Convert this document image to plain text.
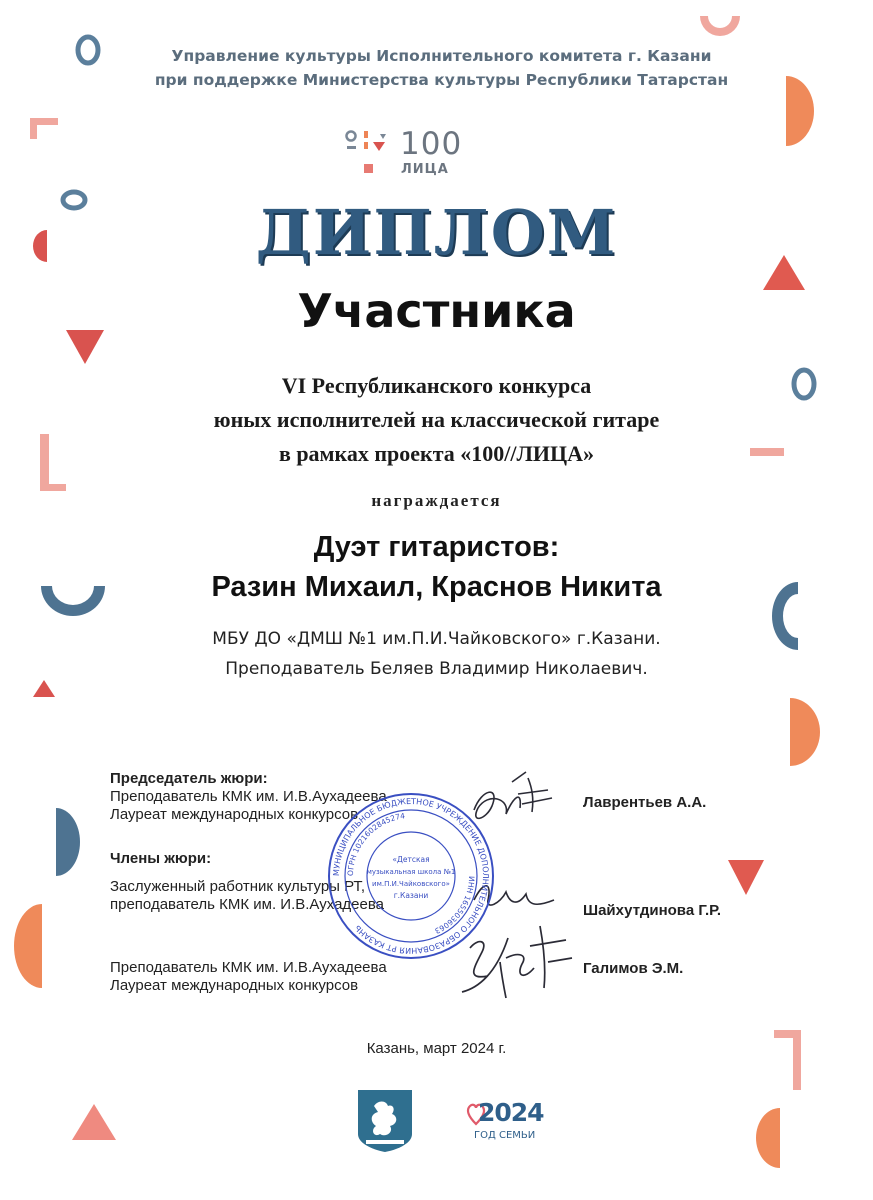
Управление культуры Исполнительного комитета г. Казани
при поддержке Министерства культуры Республики Татарстан
100
ЛИЦА
ДИПЛОМ
Участника
VI Республиканского конкурса
юных исполнителей на классической гитаре
в рамках проекта «100//ЛИЦА»
награждается
Дуэт гитаристов:
Разин Михаил, Краснов Никита
МБУ ДО «ДМШ №1 им.П.И.Чайковского» г.Казани.
Преподаватель Беляев Владимир Николаевич.
Председатель жюри:
Преподаватель КМК им. И.В.Аухадеева
Лауреат международных конкурсов
Лаврентьев А.А.
Члены жюри:
Заслуженный работник культуры РТ,
преподаватель КМК им. И.В.Аухадеева	Шайхутдинова Г.Р.
Преподаватель КМК им. И.В.Аухадеева
Лауреат международных конкурсов
Галимов Э.М.
МУНИЦИПАЛЬНОЕ БЮДЖЕТНОЕ УЧРЕЖДЕНИЕ ДОПОЛНИТЕЛЬНОГО ОБРАЗОВАНИЯ РТ КАЗАНЬ
ОГРН 1021602845274
ИНН 1655036063
«Детская
музыкальная школа №1
им.П.И.Чайковского»
г.Казани
Казань, март 2024 г.
2024
ГОД СЕМЬИ
